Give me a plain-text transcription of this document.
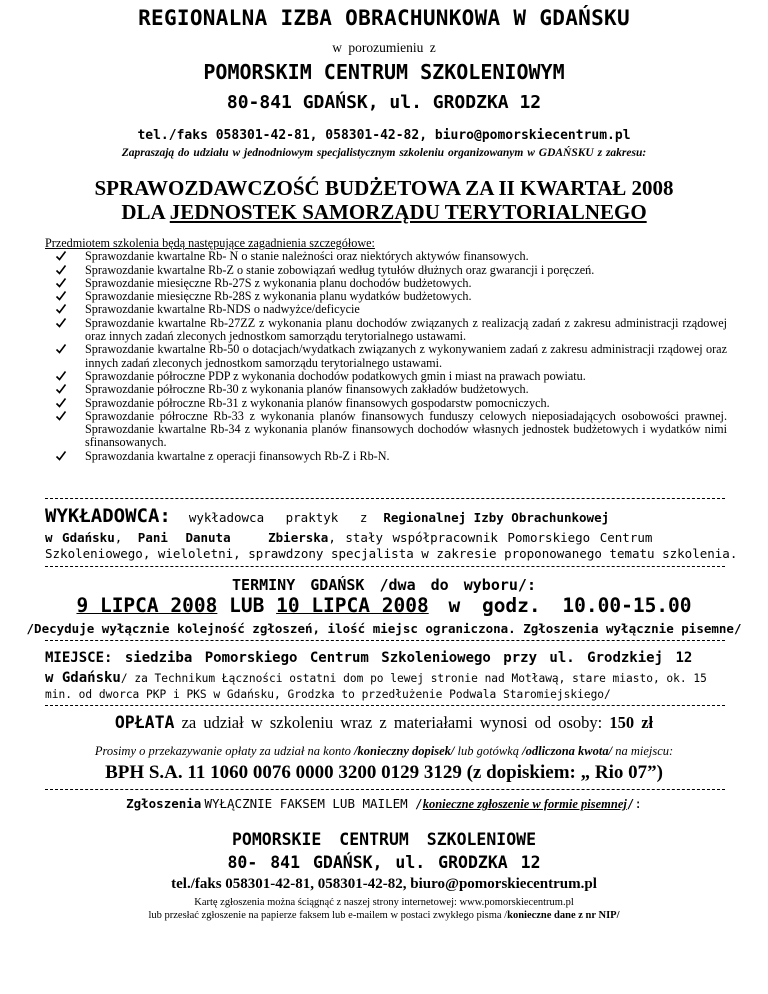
REGIONALNA IZBA OBRACHUNKOWA W GDAŃSKU
w porozumieniu z
POMORSKIM CENTRUM SZKOLENIOWYM
80-841 GDAŃSK, ul. GRODZKA 12
tel./faks 058301-42-81, 058301-42-82, biuro@pomorskiecentrum.pl
Zapraszają do udziału w jednodniowym specjalistycznym szkoleniu organizowanym w GDAŃSKU z zakresu:
SPRAWOZDAWCZOŚĆ BUDŻETOWA ZA II KWARTAŁ 2008
DLA JEDNOSTEK SAMORZĄDU TERYTORIALNEGO
Przedmiotem szkolenia będą następujące zagadnienia szczegółowe:
Sprawozdanie kwartalne Rb- N o stanie należności oraz niektórych aktywów finansowych.
Sprawozdanie kwartalne Rb-Z o stanie zobowiązań według tytułów dłużnych oraz gwarancji i poręczeń.
Sprawozdanie miesięczne Rb-27S z wykonania planu dochodów budżetowych.
Sprawozdanie miesięczne Rb-28S z wykonania planu wydatków budżetowych.
Sprawozdanie kwartalne Rb-NDS o nadwyżce/deficycie
Sprawozdanie kwartalne Rb-27ZZ z wykonania planu dochodów związanych z realizacją zadań z zakresu administracji rządowej oraz innych zadań zleconych jednostkom samorządu terytorialnego ustawami.
Sprawozdanie kwartalne Rb-50 o dotacjach/wydatkach związanych z wykonywaniem zadań z zakresu administracji rządowej oraz innych zadań zleconych jednostkom samorządu terytorialnego ustawami.
Sprawozdanie półroczne PDP z wykonania dochodów podatkowych gmin i miast na prawach powiatu.
Sprawozdanie półroczne Rb-30 z wykonania planów finansowych zakładów budżetowych.
Sprawozdanie półroczne Rb-31 z wykonania planów finansowych gospodarstw pomocniczych.
Sprawozdanie półroczne Rb-33 z wykonania planów finansowych funduszy celowych nieposiadających osobowości prawnej. Sprawozdanie kwartalne Rb-34 z wykonania planów finansowych dochodów własnych jednostek budżetowych i wydatków nimi sfinansowanych.
Sprawozdania kwartalne z operacji finansowych Rb-Z i Rb-N.
WYKŁADOWCA: wykładowca praktyk z Regionalnej Izby Obrachunkowej
w Gdańsku, Pani Danuta Zbierska, stały współpracownik Pomorskiego Centrum
Szkoleniowego, wieloletni, sprawdzony specjalista w zakresie proponowanego tematu szkolenia.
TERMINY GDAŃSK /dwa do wyboru/:
9 LIPCA 2008 LUB 10 LIPCA 2008 w godz. 10.00-15.00
/Decyduje wyłącznie kolejność zgłoszeń, ilość miejsc ograniczona. Zgłoszenia wyłącznie pisemne/
MIEJSCE: siedziba Pomorskiego Centrum Szkoleniowego przy ul. Grodzkiej 12
w Gdańsku/ za Technikum Łączności ostatni dom po lewej stronie nad Motławą, stare miasto, ok. 15
min. od dworca PKP i PKS w Gdańsku, Grodzka to przedłużenie Podwala Staromiejskiego/
OPŁATA za udział w szkoleniu wraz z materiałami wynosi od osoby: 150 zł
Prosimy o przekazywanie opłaty za udział na konto /konieczny dopisek/ lub gotówką /odliczona kwota/ na miejscu:
BPH S.A. 11 1060 0076 0000 3200 0129 3129 (z dopiskiem: „ Rio 07”)
Zgłoszenia WYŁĄCZNIE FAKSEM LUB MAILEM /konieczne zgłoszenie w formie pisemnej/:
POMORSKIE CENTRUM SZKOLENIOWE
80- 841 GDAŃSK, ul. GRODZKA 12
tel./faks 058301-42-81, 058301-42-82, biuro@pomorskiecentrum.pl
Kartę zgłoszenia można ściągnąć z naszej strony internetowej: www.pomorskiecentrum.pl
lub przesłać zgłoszenie na papierze faksem lub e-mailem w postaci zwykłego pisma /konieczne dane z nr NIP/
